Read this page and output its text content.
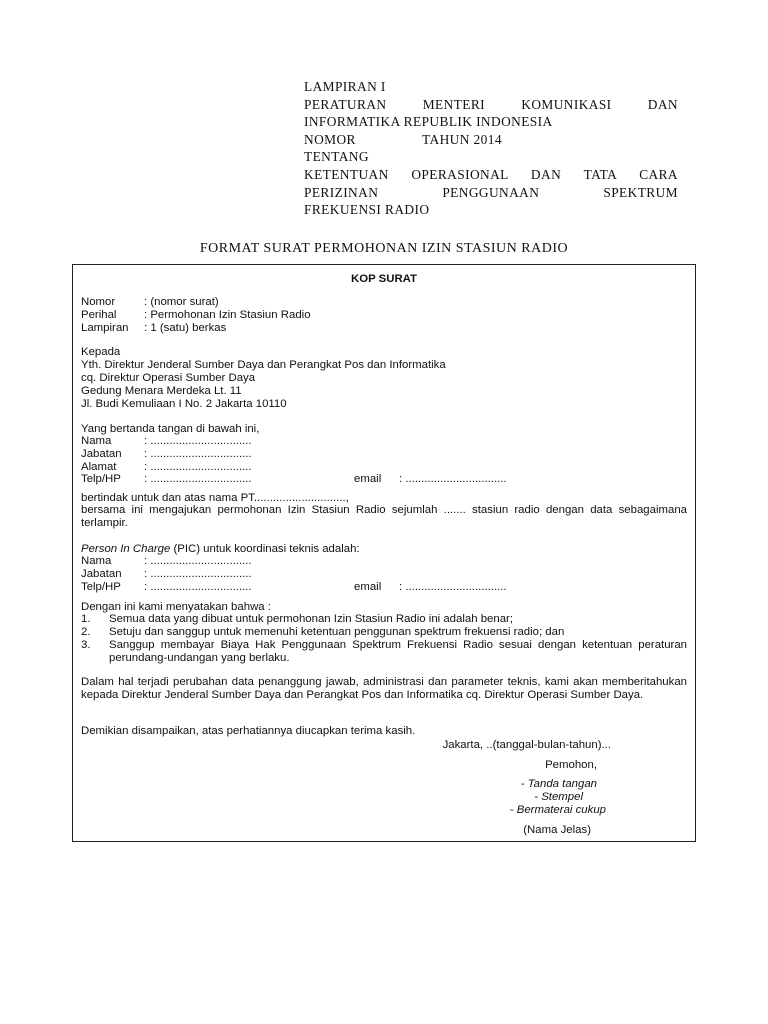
LAMPIRAN I
PERATURAN MENTERI KOMUNIKASI DAN
INFORMATIKA REPUBLIK INDONESIA
NOMOR	TAHUN 2014
TENTANG
KETENTUAN OPERASIONAL DAN TATA CARA
PERIZINAN PENGGUNAAN SPEKTRUM
FREKUENSI RADIO
FORMAT SURAT PERMOHONAN IZIN STASIUN RADIO
KOP SURAT
Nomor	: (nomor surat)
Perihal : Permohonan Izin Stasiun Radio
Lampiran : 1 (satu) berkas
Kepada
Yth. Direktur Jenderal Sumber Daya dan Perangkat Pos dan Informatika
cq. Direktur Operasi Sumber Daya
Gedung Menara Merdeka Lt. 11
Jl. Budi Kemuliaan I No. 2 Jakarta 10110
Yang bertanda tangan di bawah ini,
Nama	: ................................
Jabatan : ................................
Alamat : ................................
Telp/HP : ................................	email : ................................
bertindak untuk dan atas nama PT.............................,
bersama ini mengajukan permohonan Izin Stasiun Radio sejumlah ....... stasiun radio dengan data sebagaimana terlampir.
Person In Charge (PIC) untuk koordinasi teknis adalah:
Nama	: ................................
Jabatan : ................................
Telp/HP : ................................	email : ................................
Dengan ini kami menyatakan bahwa :
1. Semua data yang dibuat untuk permohonan Izin Stasiun Radio ini adalah benar;
2. Setuju dan sanggup untuk memenuhi ketentuan penggunan spektrum frekuensi radio; dan
3. Sanggup membayar Biaya Hak Penggunaan Spektrum Frekuensi Radio sesuai dengan ketentuan peraturan perundang-undangan yang berlaku.
Dalam hal terjadi perubahan data penanggung jawab, administrasi dan parameter teknis, kami akan memberitahukan kepada Direktur Jenderal Sumber Daya dan Perangkat Pos dan Informatika cq. Direktur Operasi Sumber Daya.
Demikian disampaikan, atas perhatiannya diucapkan terima kasih.
Jakarta, ..(tanggal-bulan-tahun)...
Pemohon,
- Tanda tangan
- Stempel
- Bermaterai cukup
(Nama Jelas)
